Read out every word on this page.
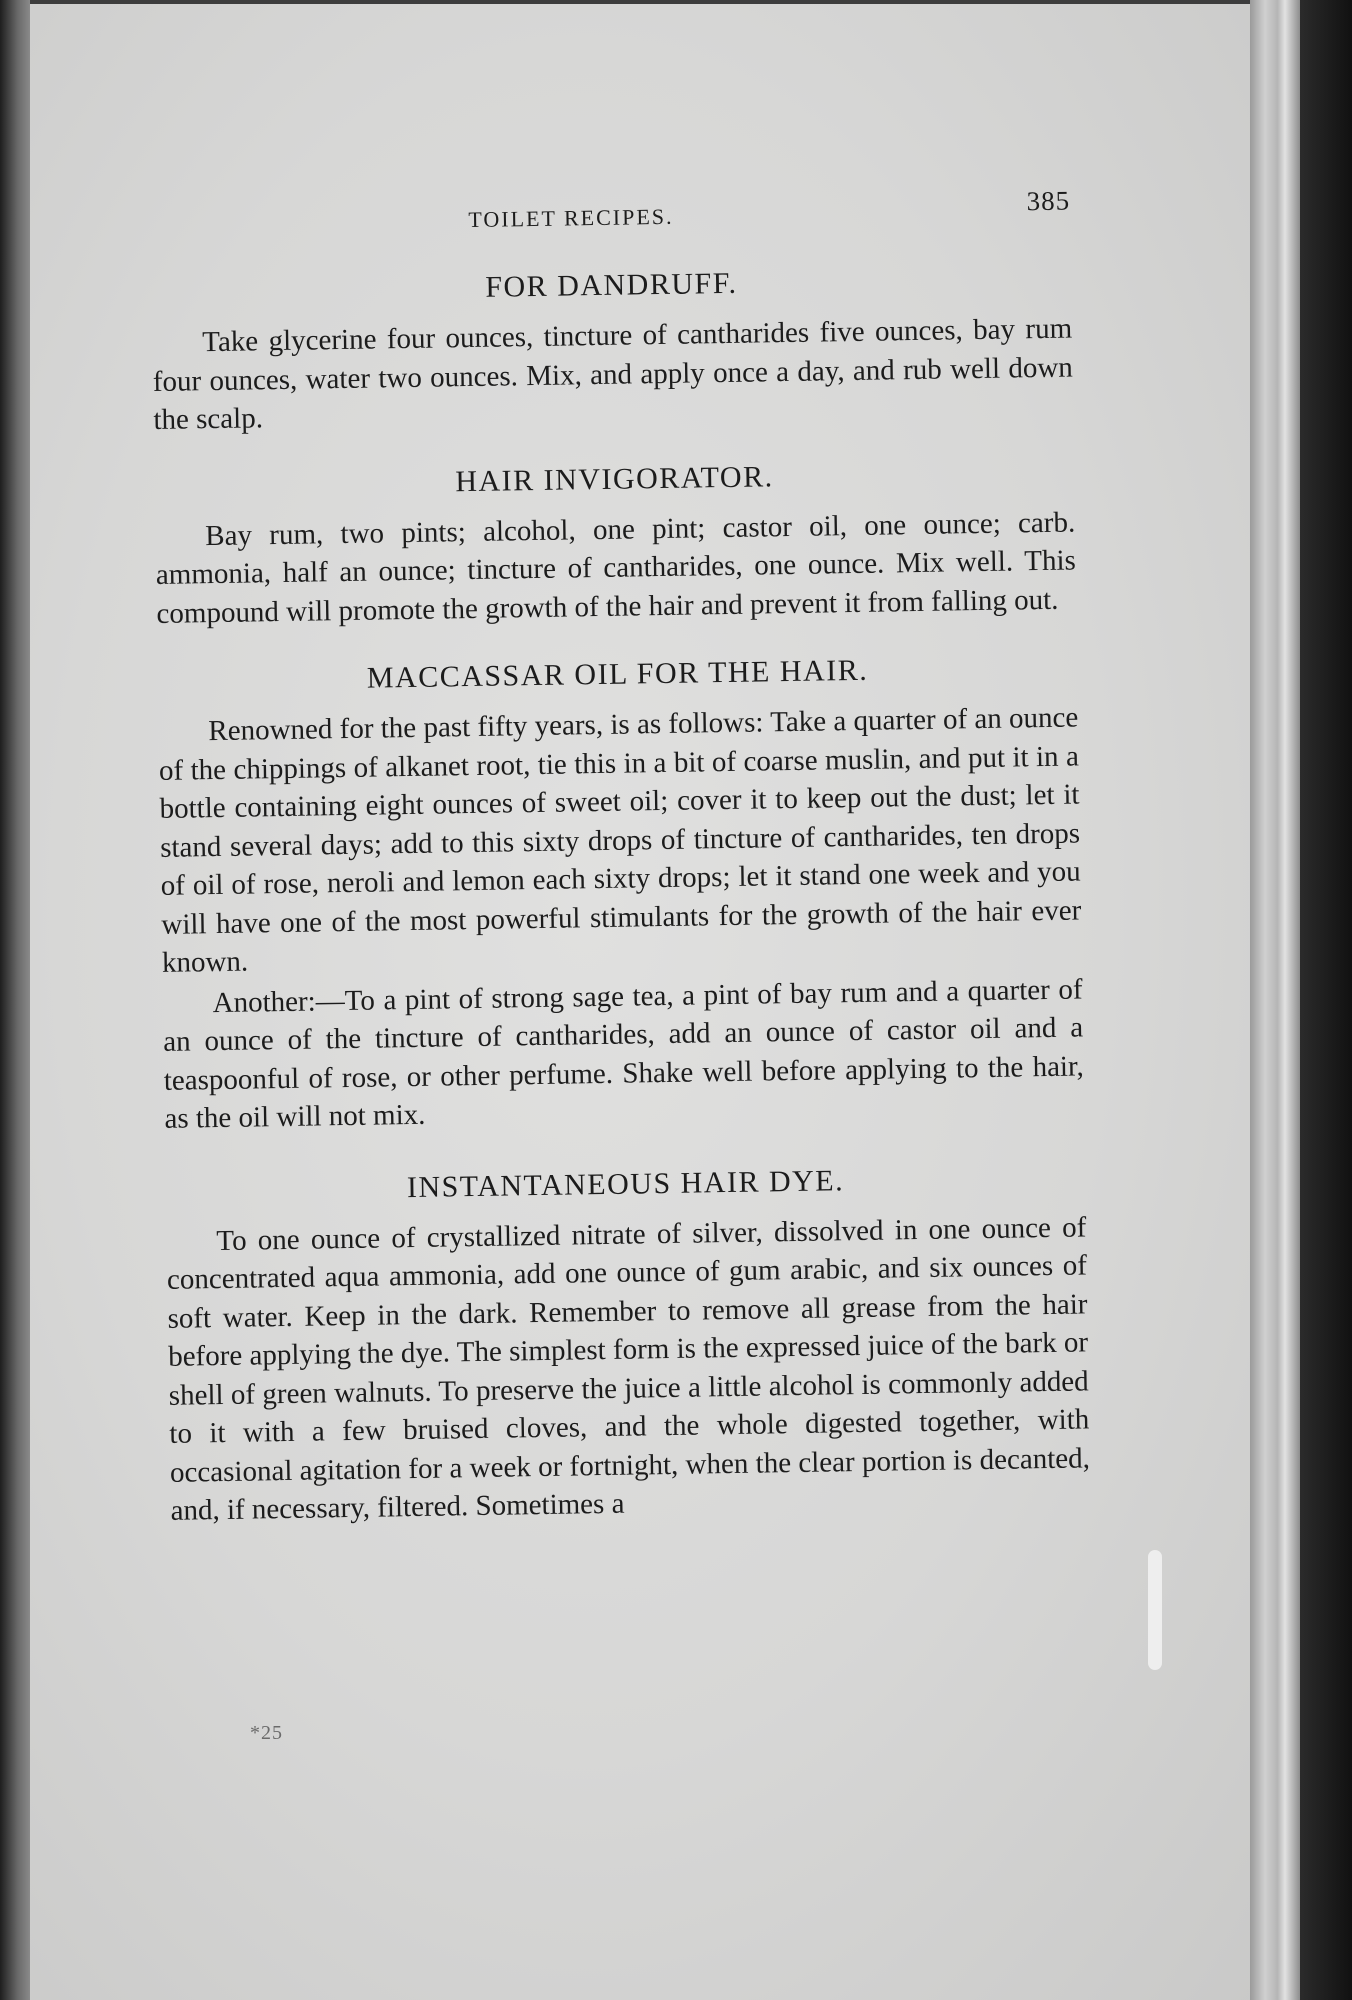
TOILET RECIPES.
385
FOR DANDRUFF.

Take glycerine four ounces, tincture of cantharides five ounces, bay rum four ounces, water two ounces. Mix, and apply once a day, and rub well down the scalp.

HAIR INVIGORATOR.

Bay rum, two pints; alcohol, one pint; castor oil, one ounce; carb. ammonia, half an ounce; tincture of cantharides, one ounce. Mix well. This compound will promote the growth of the hair and prevent it from falling out.

MACCASSAR OIL FOR THE HAIR.

Renowned for the past fifty years, is as follows: Take a quarter of an ounce of the chippings of alkanet root, tie this in a bit of coarse muslin, and put it in a bottle containing eight ounces of sweet oil; cover it to keep out the dust; let it stand several days; add to this sixty drops of tincture of cantharides, ten drops of oil of rose, neroli and lemon each sixty drops; let it stand one week and you will have one of the most powerful stimulants for the growth of the hair ever known.

Another:—To a pint of strong sage tea, a pint of bay rum and a quarter of an ounce of the tincture of cantharides, add an ounce of castor oil and a teaspoonful of rose, or other perfume. Shake well before applying to the hair, as the oil will not mix.

INSTANTANEOUS HAIR DYE.

To one ounce of crystallized nitrate of silver, dissolved in one ounce of concentrated aqua ammonia, add one ounce of gum arabic, and six ounces of soft water. Keep in the dark. Remember to remove all grease from the hair before applying the dye. The simplest form is the expressed juice of the bark or shell of green walnuts. To preserve the juice a little alcohol is commonly added to it with a few bruised cloves, and the whole digested together, with occasional agitation for a week or fortnight, when the clear portion is decanted, and, if necessary, filtered. Sometimes a

*25
